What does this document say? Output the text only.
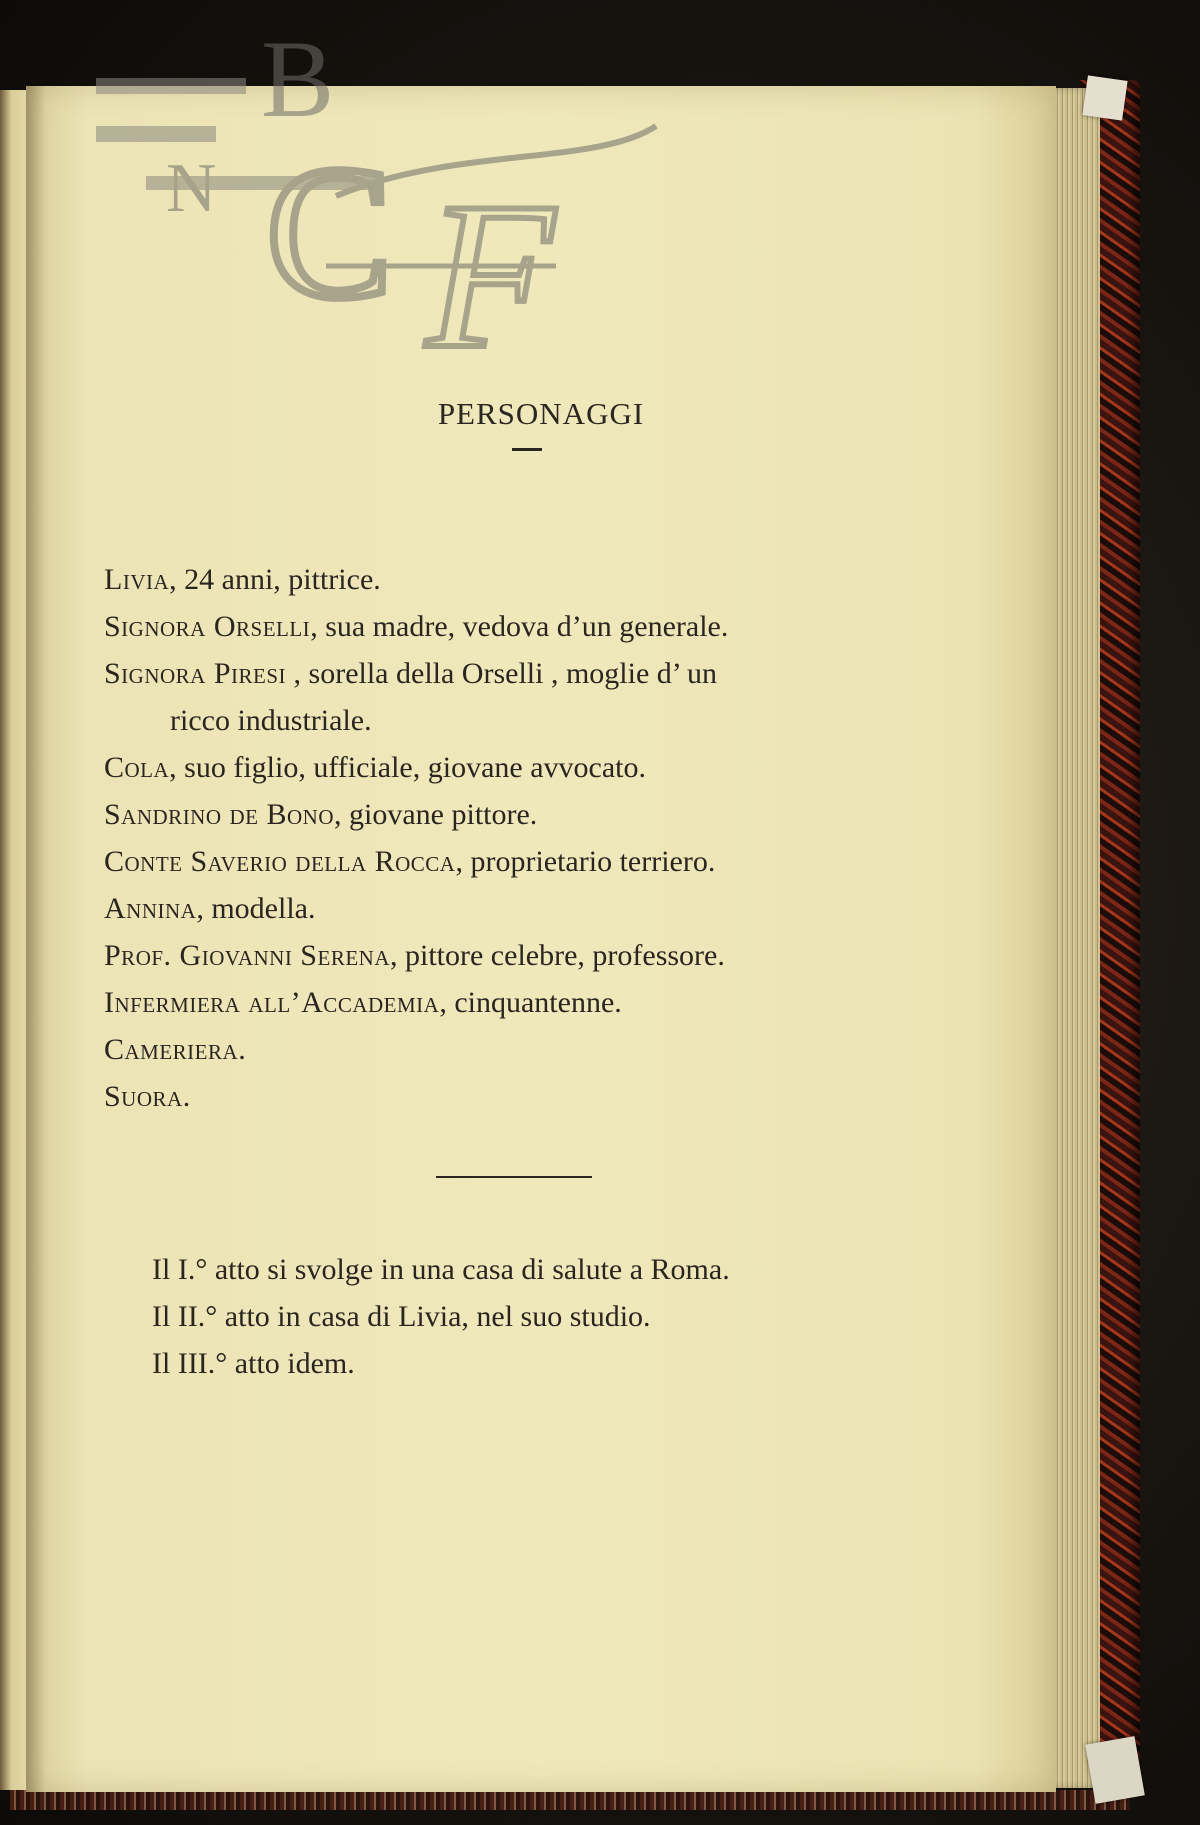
B
N C F
PERSONAGGI
Livia, 24 anni, pittrice.
Signora Orselli, sua madre, vedova d’un generale.
Signora Piresi , sorella della Orselli , moglie d’ un
ricco industriale.
Cola, suo figlio, ufficiale, giovane avvocato.
Sandrino de Bono, giovane pittore.
Conte Saverio della Rocca, proprietario terriero.
Annina, modella.
Prof. Giovanni Serena, pittore celebre, professore.
Infermiera all’Accademia, cinquantenne.
Cameriera.
Suora.
Il I.° atto si svolge in una casa di salute a Roma.
Il II.° atto in casa di Livia, nel suo studio.
Il III.° atto idem.
